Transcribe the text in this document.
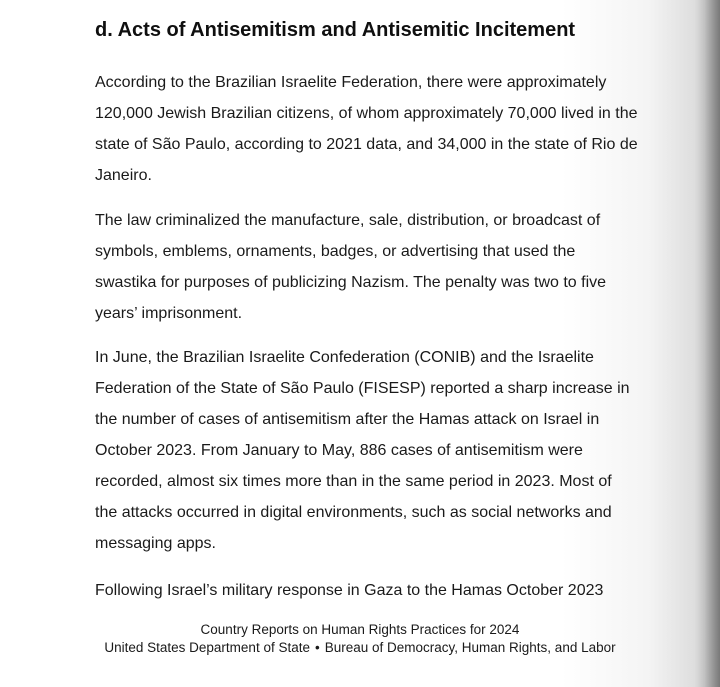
d. Acts of Antisemitism and Antisemitic Incitement

According to the Brazilian Israelite Federation, there were approximately
120,000 Jewish Brazilian citizens, of whom approximately 70,000 lived in the
state of São Paulo, according to 2021 data, and 34,000 in the state of Rio de
Janeiro.

The law criminalized the manufacture, sale, distribution, or broadcast of
symbols, emblems, ornaments, badges, or advertising that used the
swastika for purposes of publicizing Nazism. The penalty was two to five
years’ imprisonment.

In June, the Brazilian Israelite Confederation (CONIB) and the Israelite
Federation of the State of São Paulo (FISESP) reported a sharp increase in
the number of cases of antisemitism after the Hamas attack on Israel in
October 2023. From January to May, 886 cases of antisemitism were
recorded, almost six times more than in the same period in 2023. Most of
the attacks occurred in digital environments, such as social networks and
messaging apps.

Following Israel’s military response in Gaza to the Hamas October 2023

Country Reports on Human Rights Practices for 2024
United States Department of State • Bureau of Democracy, Human Rights, and Labor
